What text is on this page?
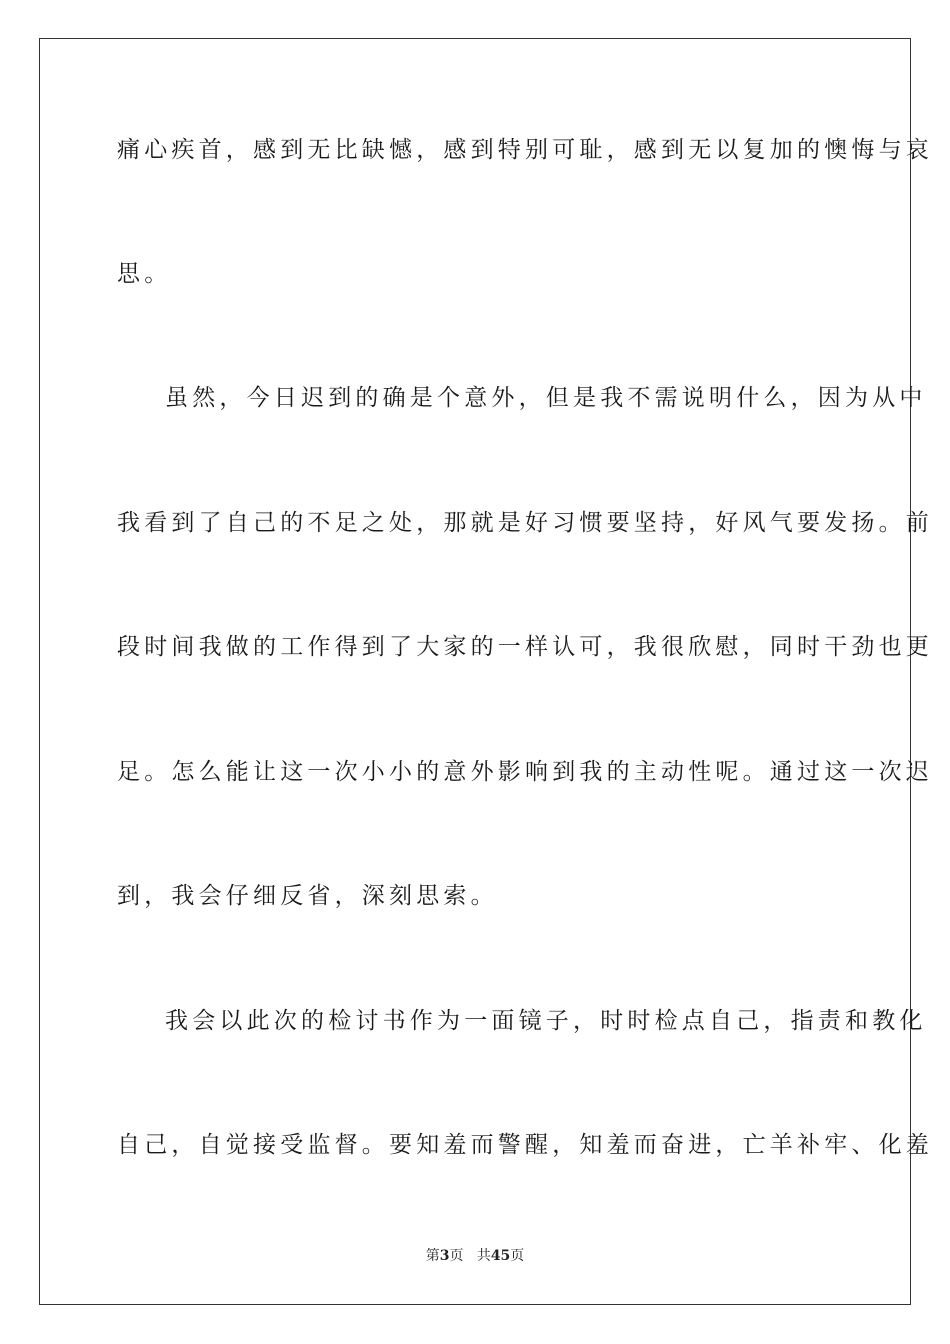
痛心疾首，感到无比缺憾，感到特别可耻，感到无以复加的懊悔与哀
思。
虽然，今日迟到的确是个意外，但是我不需说明什么，因为从中
我看到了自己的不足之处，那就是好习惯要坚持，好风气要发扬。前
段时间我做的工作得到了大家的一样认可，我很欣慰，同时干劲也更
足。怎么能让这一次小小的意外影响到我的主动性呢。通过这一次迟
到，我会仔细反省，深刻思索。
我会以此次的检讨书作为一面镜子，时时检点自己，指责和教化
自己，自觉接受监督。要知羞而警醒，知羞而奋进，亡羊补牢、化羞
第3页 共45页
